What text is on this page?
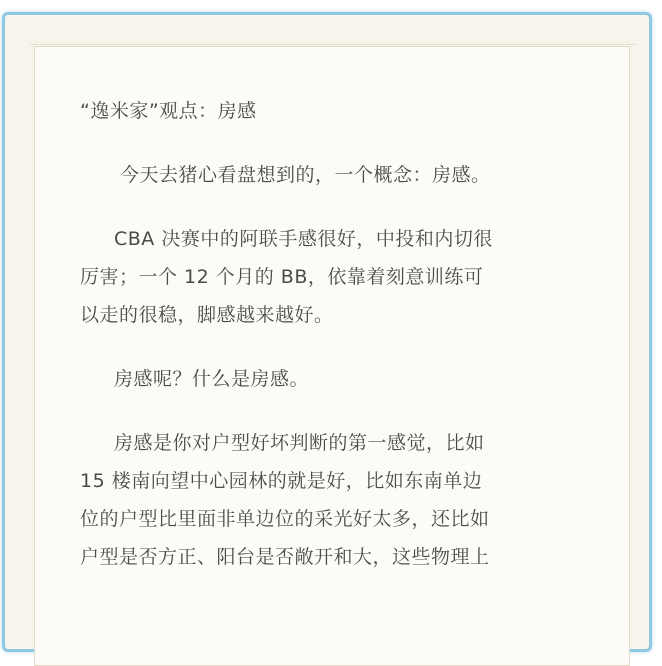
“逸米家”观点：房感
今天去猪心看盘想到的，一个概念：房感。
CBA 决赛中的阿联手感很好，中投和内切很
厉害；一个 12 个月的 BB，依靠着刻意训练可
以走的很稳，脚感越来越好。
房感呢？什么是房感。
房感是你对户型好坏判断的第一感觉，比如
15 楼南向望中心园林的就是好，比如东南单边
位的户型比里面非单边位的采光好太多，还比如
户型是否方正、阳台是否敞开和大，这些物理上
